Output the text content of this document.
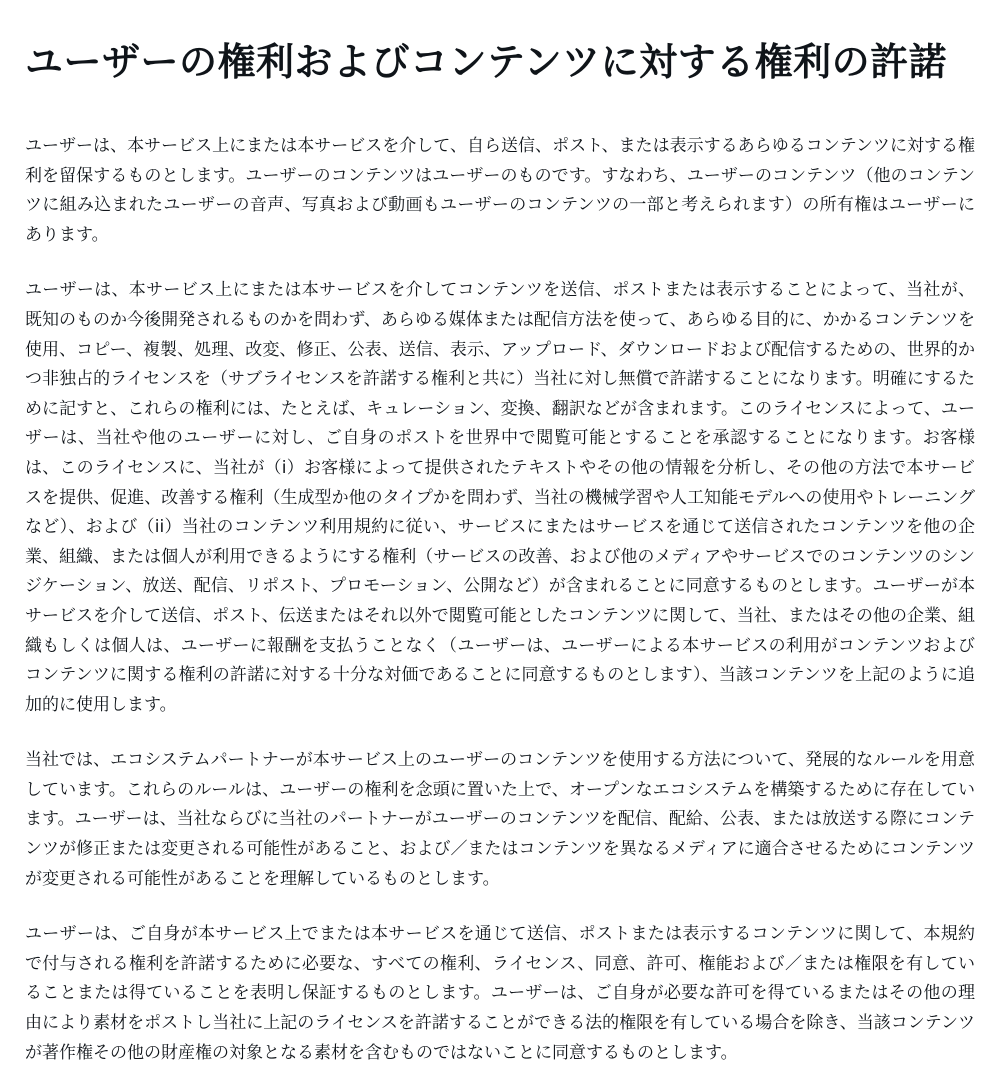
ユーザーの権利およびコンテンツに対する権利の許諾

ユーザーは、本サービス上にまたは本サービスを介して、自ら送信、ポスト、または表示するあらゆるコンテンツに対する権利を留保するものとします。ユーザーのコンテンツはユーザーのものです。すなわち、ユーザーのコンテンツ（他のコンテンツに組み込まれたユーザーの音声、写真および動画もユーザーのコンテンツの一部と考えられます）の所有権はユーザーにあります。

ユーザーは、本サービス上にまたは本サービスを介してコンテンツを送信、ポストまたは表示することによって、当社が、既知のものか今後開発されるものかを問わず、あらゆる媒体または配信方法を使って、あらゆる目的に、かかるコンテンツを使用、コピー、複製、処理、改変、修正、公表、送信、表示、アップロード、ダウンロードおよび配信するための、世界的かつ非独占的ライセンスを（サブライセンスを許諾する権利と共に）当社に対し無償で許諾することになります。明確にするために記すと、これらの権利には、たとえば、キュレーション、変換、翻訳などが含まれます。このライセンスによって、ユーザーは、当社や他のユーザーに対し、ご自身のポストを世界中で閲覧可能とすることを承認することになります。お客様は、このライセンスに、当社が（i）お客様によって提供されたテキストやその他の情報を分析し、その他の方法で本サービスを提供、促進、改善する権利（生成型か他のタイプかを問わず、当社の機械学習や人工知能モデルへの使用やトレーニングなど）、および（ii）当社のコンテンツ利用規約に従い、サービスにまたはサービスを通じて送信されたコンテンツを他の企業、組織、または個人が利用できるようにする権利（サービスの改善、および他のメディアやサービスでのコンテンツのシンジケーション、放送、配信、リポスト、プロモーション、公開など）が含まれることに同意するものとします。ユーザーが本サービスを介して送信、ポスト、伝送またはそれ以外で閲覧可能としたコンテンツに関して、当社、またはその他の企業、組織もしくは個人は、ユーザーに報酬を支払うことなく（ユーザーは、ユーザーによる本サービスの利用がコンテンツおよびコンテンツに関する権利の許諾に対する十分な対価であることに同意するものとします）、当該コンテンツを上記のように追加的に使用します。

当社では、エコシステムパートナーが本サービス上のユーザーのコンテンツを使用する方法について、発展的なルールを用意しています。これらのルールは、ユーザーの権利を念頭に置いた上で、オープンなエコシステムを構築するために存在しています。ユーザーは、当社ならびに当社のパートナーがユーザーのコンテンツを配信、配給、公表、または放送する際にコンテンツが修正または変更される可能性があること、および／またはコンテンツを異なるメディアに適合させるためにコンテンツが変更される可能性があることを理解しているものとします。

ユーザーは、ご自身が本サービス上でまたは本サービスを通じて送信、ポストまたは表示するコンテンツに関して、本規約で付与される権利を許諾するために必要な、すべての権利、ライセンス、同意、許可、権能および／または権限を有していることまたは得ていることを表明し保証するものとします。ユーザーは、ご自身が必要な許可を得ているまたはその他の理由により素材をポストし当社に上記のライセンスを許諾することができる法的権限を有している場合を除き、当該コンテンツが著作権その他の財産権の対象となる素材を含むものではないことに同意するものとします。
